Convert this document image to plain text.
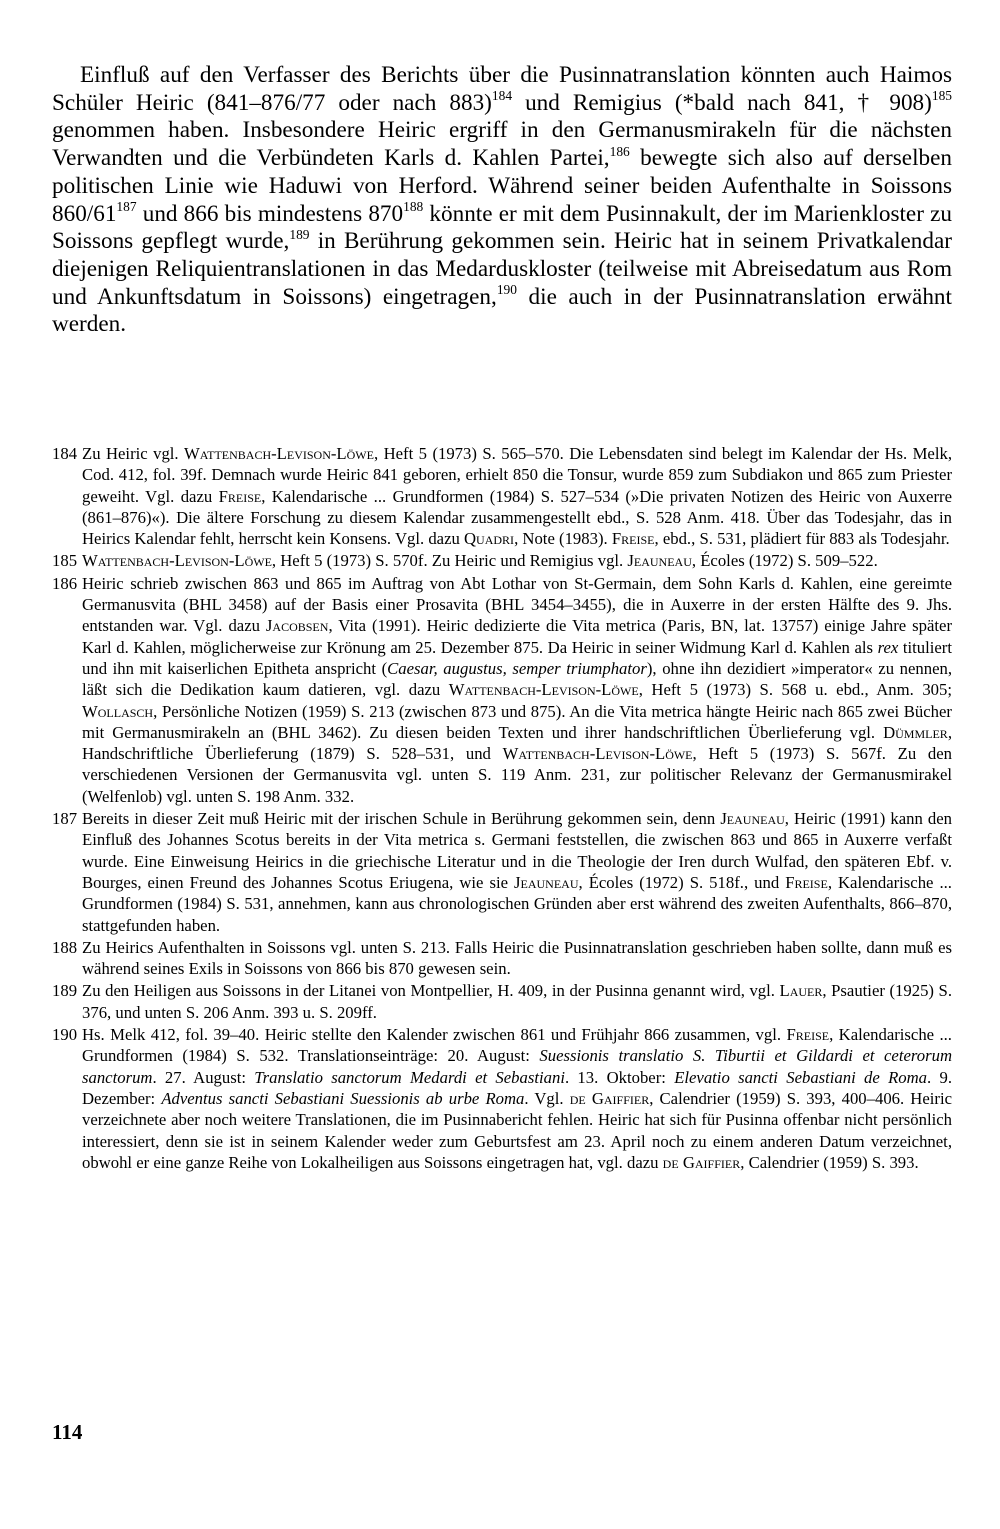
Einfluß auf den Verfasser des Berichts über die Pusinnatranslation könnten auch Haimos Schüler Heiric (841–876/77 oder nach 883)$^{184}$ und Remigius (*bald nach 841, † 908)$^{185}$ genommen haben. Insbesondere Heiric ergriff in den Germanusmirakeln für die nächsten Verwandten und die Verbündeten Karls d. Kahlen Partei,$^{186}$ bewegte sich also auf derselben politischen Linie wie Haduwi von Herford. Während seiner beiden Aufenthalte in Soissons $860/61^{187}$ und 866 bis mindestens $870^{188}$ könnte er mit dem Pusinnakult, der im Marienkloster zu Soissons gepflegt wurde,$^{189}$ in Berührung gekommen sein. Heiric hat in seinem Privatkalendar diejenigen Reliquientranslationen in das Medarduskloster (teilweise mit Abreisedatum aus Rom und Ankunftsdatum in Soissons) eingetragen,$^{190}$ die auch in der Pusinnatranslation erwähnt werden.

184 Zu Heiric vgl. Wattenbach-Levison-Löwe, Heft 5 (1973) S. 565–570. Die Lebensdaten sind belegt im Kalendar der Hs. Melk, Cod. 412, fol. 39f. Demnach wurde Heiric 841 geboren, erhielt 850 die Tonsur, wurde 859 zum Subdiakon und 865 zum Priester geweiht. Vgl. dazu Freise, Kalendarische ... Grundformen (1984) S. 527–534 (»Die privaten Notizen des Heiric von Auxerre (861–876)«). Die ältere Forschung zu diesem Kalendar zusammengestellt ebd., S. 528 Anm. 418. Über das Todesjahr, das in Heirics Kalendar fehlt, herrscht kein Konsens. Vgl. dazu Quadri, Note (1983). Freise, ebd., S. 531, plädiert für 883 als Todesjahr.
185 Wattenbach-Levison-Löwe, Heft 5 (1973) S. 570f. Zu Heiric und Remigius vgl. Jeauneau, Écoles (1972) S. 509–522.
186 Heiric schrieb zwischen 863 und 865 im Auftrag von Abt Lothar von St-Germain, dem Sohn Karls d. Kahlen, eine gereimte Germanusvita (BHL 3458) auf der Basis einer Prosavita (BHL 3454–3455), die in Auxerre in der ersten Hälfte des 9. Jhs. entstanden war. Vgl. dazu Jacobsen, Vita (1991). Heiric dedizierte die Vita metrica (Paris, BN, lat. 13757) einige Jahre später Karl d. Kahlen, möglicherweise zur Krönung am 25. Dezember 875. Da Heiric in seiner Widmung Karl d. Kahlen als rex tituliert und ihn mit kaiserlichen Epitheta anspricht (Caesar, augustus, semper triumphator), ohne ihn dezidiert »imperator« zu nennen, läßt sich die Dedikation kaum datieren, vgl. dazu Wattenbach-Levison-Löwe, Heft 5 (1973) S. 568 u. ebd., Anm. 305; Wollasch, Persönliche Notizen (1959) S. 213 (zwischen 873 und 875). An die Vita metrica hängte Heiric nach 865 zwei Bücher mit Germanusmirakeln an (BHL 3462). Zu diesen beiden Texten und ihrer handschriftlichen Überlieferung vgl. Dümmler, Handschriftliche Überlieferung (1879) S. 528–531, und Wattenbach-Levison-Löwe, Heft 5 (1973) S. 567f. Zu den verschiedenen Versionen der Germanusvita vgl. unten S. 119 Anm. 231, zur politischer Relevanz der Germanusmirakel (Welfenlob) vgl. unten S. 198 Anm. 332.
187 Bereits in dieser Zeit muß Heiric mit der irischen Schule in Berührung gekommen sein, denn Jeauneau, Heiric (1991) kann den Einfluß des Johannes Scotus bereits in der Vita metrica s. Germani feststellen, die zwischen 863 und 865 in Auxerre verfaßt wurde. Eine Einweisung Heirics in die griechische Literatur und in die Theologie der Iren durch Wulfad, den späteren Ebf. v. Bourges, einen Freund des Johannes Scotus Eriugena, wie sie Jeauneau, Écoles (1972) S. 518f., und Freise, Kalendarische ... Grundformen (1984) S. 531, annehmen, kann aus chronologischen Gründen aber erst während des zweiten Aufenthalts, 866–870, stattgefunden haben.
188 Zu Heirics Aufenthalten in Soissons vgl. unten S. 213. Falls Heiric die Pusinnatranslation geschrieben haben sollte, dann muß es während seines Exils in Soissons von 866 bis 870 gewesen sein.
189 Zu den Heiligen aus Soissons in der Litanei von Montpellier, H. 409, in der Pusinna genannt wird, vgl. Lauer, Psautier (1925) S. 376, und unten S. 206 Anm. 393 u. S. 209ff.
190 Hs. Melk 412, fol. 39–40. Heiric stellte den Kalender zwischen 861 und Frühjahr 866 zusammen, vgl. Freise, Kalendarische ... Grundformen (1984) S. 532. Translationseinträge: 20. August: Suessionis translatio S. Tiburtii et Gildardi et ceterorum sanctorum. 27. August: Translatio sanctorum Medardi et Sebastiani. 13. Oktober: Elevatio sancti Sebastiani de Roma. 9. Dezember: Adventus sancti Sebastiani Suessionis ab urbe Roma. Vgl. de Gaiffier, Calendrier (1959) S. 393, 400–406. Heiric verzeichnete aber noch weitere Translationen, die im Pusinnabericht fehlen. Heiric hat sich für Pusinna offenbar nicht persönlich interessiert, denn sie ist in seinem Kalender weder zum Geburtsfest am 23. April noch zu einem anderen Datum verzeichnet, obwohl er eine ganze Reihe von Lokalheiligen aus Soissons eingetragen hat, vgl. dazu de Gaiffier, Calendrier (1959) S. 393.
114
